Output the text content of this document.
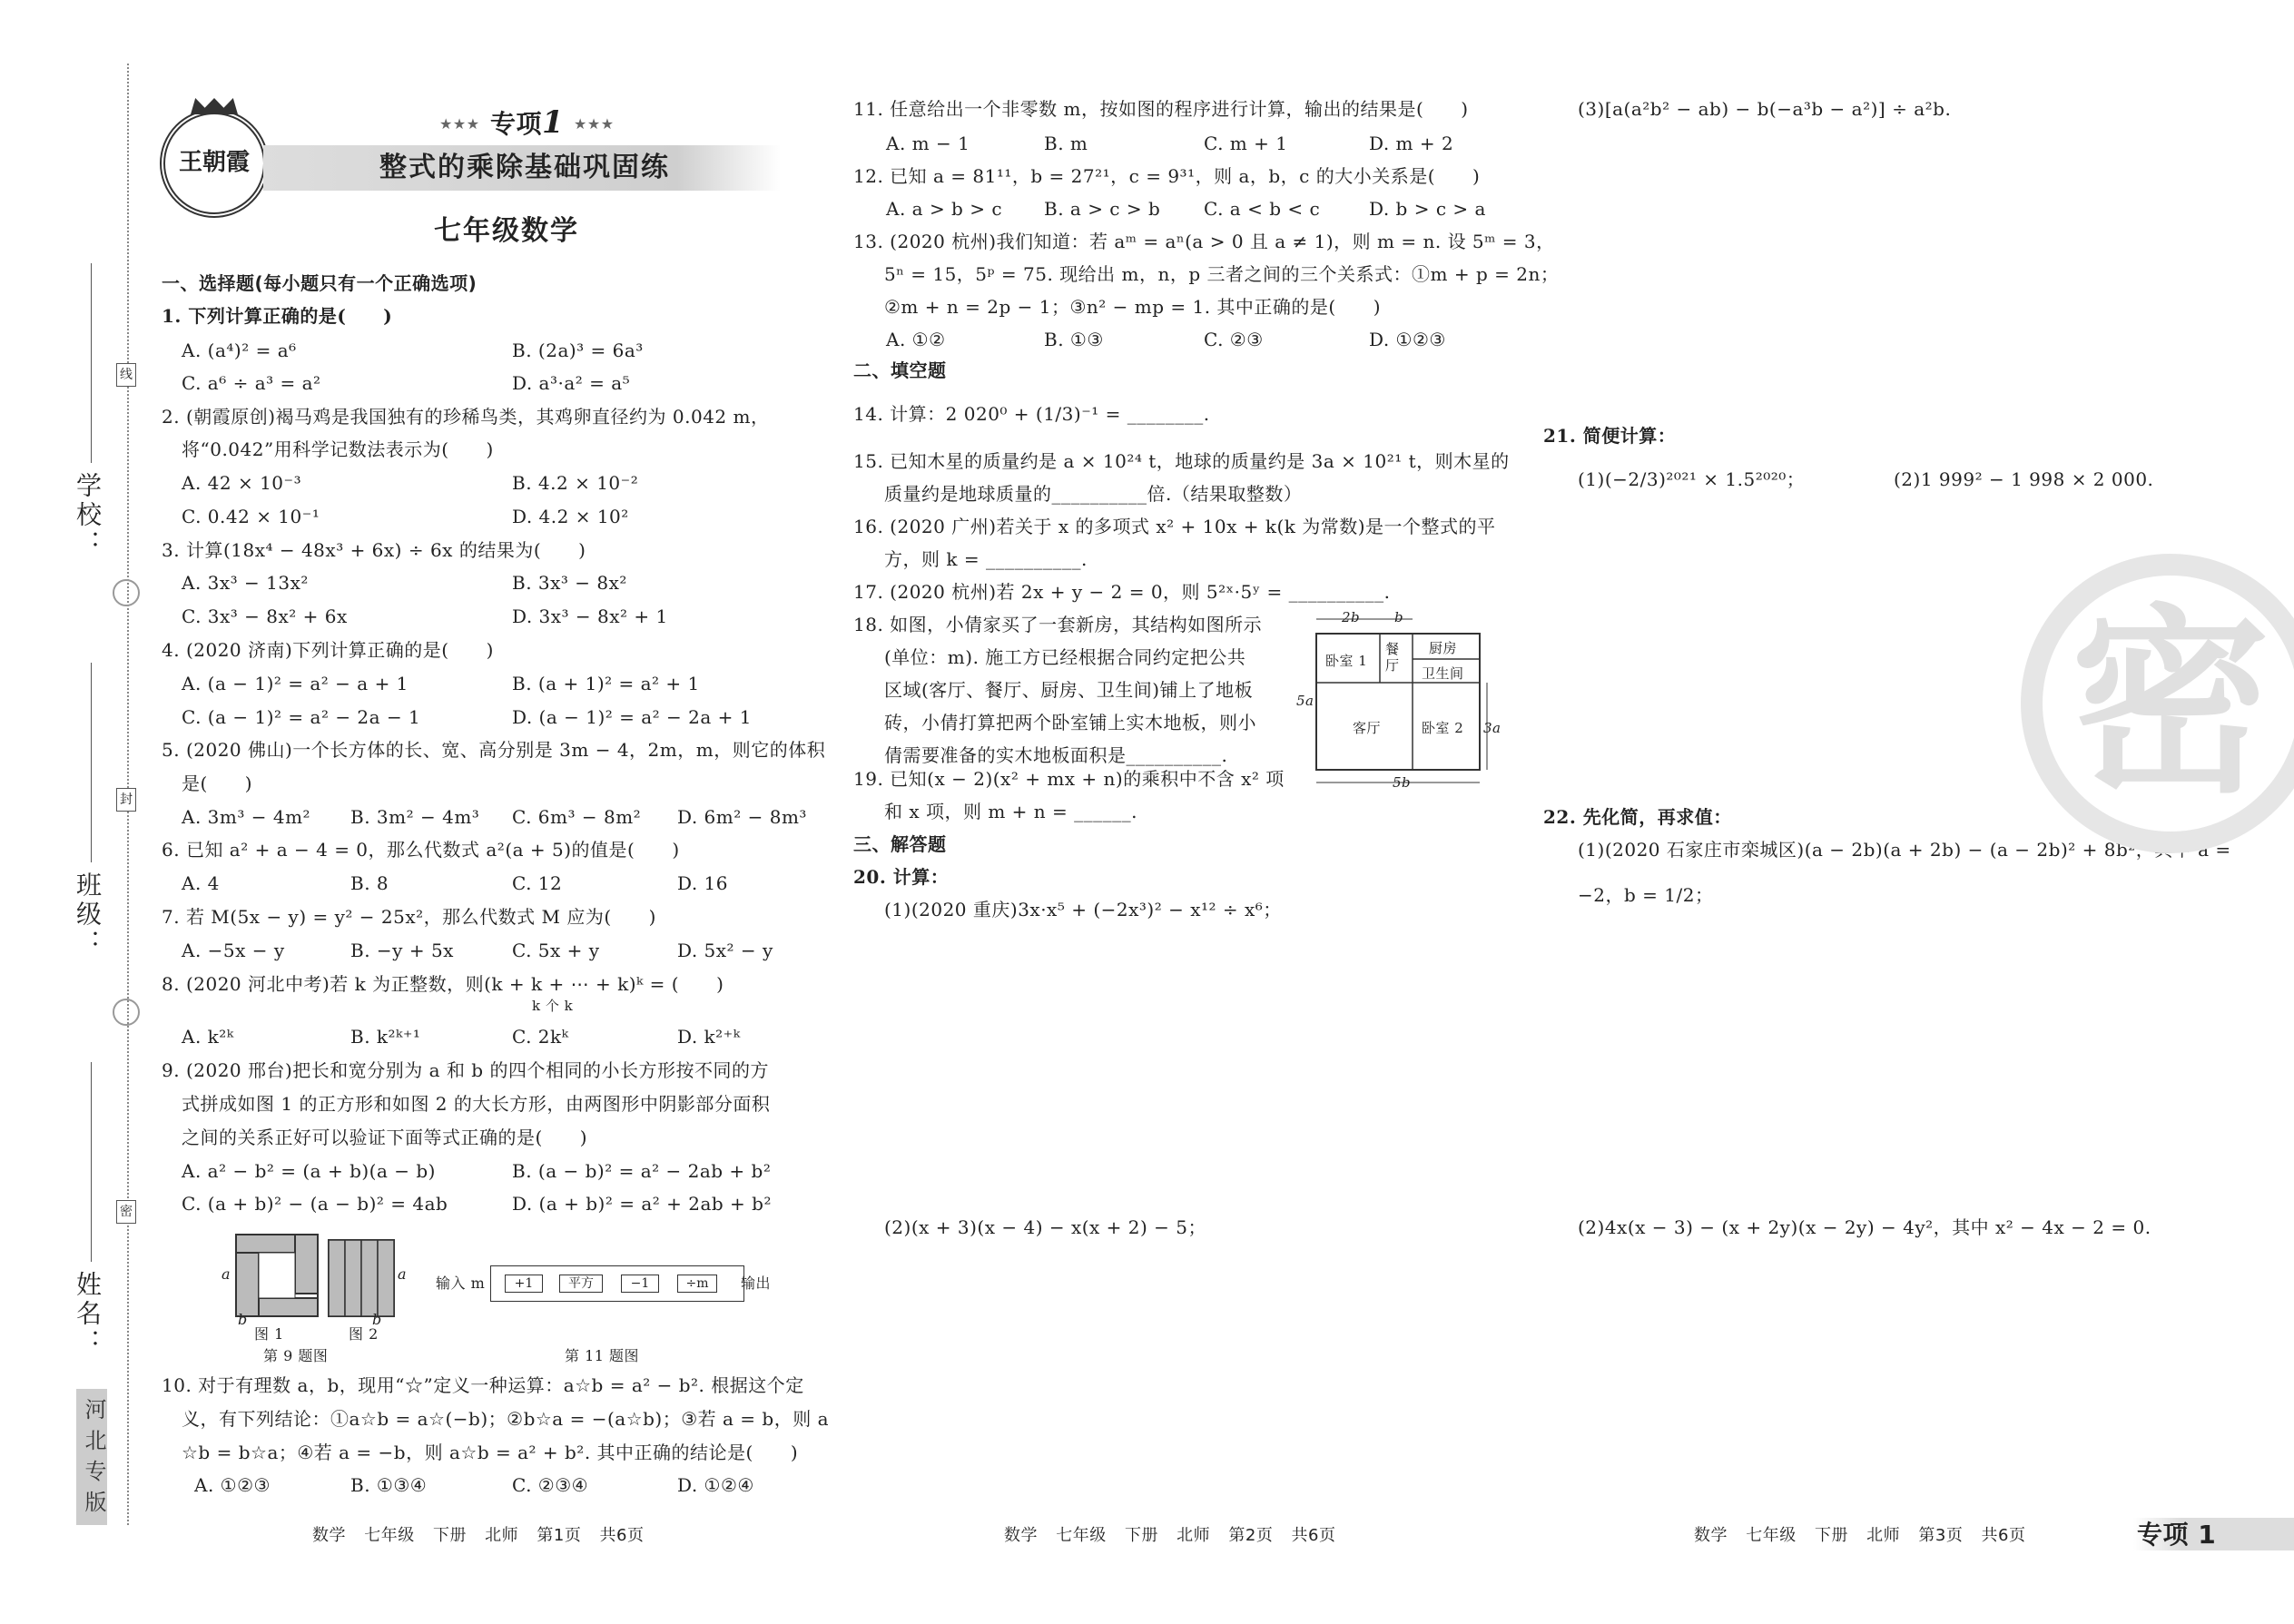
学校：
班级：
姓名：
线
封
密
河北专版
王朝霞
★★★ 专项1 ★★★
整式的乘除基础巩固练
七年级数学
一、选择题(每小题只有一个正确选项)
1. 下列计算正确的是(　　)
A. (a⁴)² = a⁶	B. (2a)³ = 6a³
C. a⁶ ÷ a³ = a²	D. a³·a² = a⁵
2. (朝霞原创)褐马鸡是我国独有的珍稀鸟类，其鸡卵直径约为 0.042 m，
将“0.042”用科学记数法表示为(　　)
A. 42 × 10⁻³	B. 4.2 × 10⁻²
C. 0.42 × 10⁻¹	D. 4.2 × 10²
3. 计算(18x⁴ − 48x³ + 6x) ÷ 6x 的结果为(　　)
A. 3x³ − 13x²	B. 3x³ − 8x²
C. 3x³ − 8x² + 6x	D. 3x³ − 8x² + 1
4. (2020 济南)下列计算正确的是(　　)
A. (a − 1)² = a² − a + 1	B. (a + 1)² = a² + 1
C. (a − 1)² = a² − 2a − 1	D. (a − 1)² = a² − 2a + 1
5. (2020 佛山)一个长方体的长、宽、高分别是 3m − 4，2m，m，则它的体积
是(　　)
A. 3m³ − 4m² B. 3m² − 4m³ C. 6m³ − 8m² D. 6m² − 8m³
6. 已知 a² + a − 4 = 0，那么代数式 a²(a + 5)的值是(　　)
A. 4	B. 8	C. 12	D. 16
7. 若 M(5x − y) = y² − 25x²，那么代数式 M 应为(　　)
A. −5x − y	B. −y + 5x	C. 5x + y	D. 5x² − y
8. (2020 河北中考)若 k 为正整数，则(k + k + ⋯ + k)ᵏ = (　　)
k 个 k
A. k²ᵏ	B. k²ᵏ⁺¹	C. 2kᵏ	D. k²⁺ᵏ
9. (2020 邢台)把长和宽分别为 a 和 b 的四个相同的小长方形按不同的方
式拼成如图 1 的正方形和如图 2 的大长方形，由两图形中阴影部分面积
之间的关系正好可以验证下面等式正确的是(　　)
A. a² − b² = (a + b)(a − b)	B. (a − b)² = a² − 2ab + b²
C. (a + b)² − (a − b)² = 4ab	D. (a + b)² = a² + 2ab + b²
a
b
a
b
图 1	图 2
第 9 题图
输入 m	+1	平方	−1	÷m	输出
第 11 题图
10. 对于有理数 a，b，现用“☆”定义一种运算：a☆b = a² − b². 根据这个定
义，有下列结论：①a☆b = a☆(−b)；②b☆a = −(a☆b)；③若 a = b，则 a
☆b = b☆a；④若 a = −b，则 a☆b = a² + b². 其中正确的结论是(　　)
A. ①②③	B. ①③④	C. ②③④	D. ①②④
11. 任意给出一个非零数 m，按如图的程序进行计算，输出的结果是(　　)
A. m − 1	B. m	C. m + 1	D. m + 2
12. 已知 a = 81¹¹，b = 27²¹，c = 9³¹，则 a，b，c 的大小关系是(　　)
A. a > b > c B. a > c > b C. a < b < c	D. b > c > a
13. (2020 杭州)我们知道：若 aᵐ = aⁿ(a > 0 且 a ≠ 1)，则 m = n. 设 5ᵐ = 3，
5ⁿ = 15，5ᵖ = 75. 现给出 m，n，p 三者之间的三个关系式：①m + p = 2n；
②m + n = 2p − 1；③n² − mp = 1. 其中正确的是(　　)
A. ①②	B. ①③	C. ②③	D. ①②③
二、填空题
14. 计算：2 020⁰ + (1/3)⁻¹ = ________.
15. 已知木星的质量约是 a × 10²⁴ t，地球的质量约是 3a × 10²¹ t，则木星的
质量约是地球质量的__________倍.（结果取整数）
16. (2020 广州)若关于 x 的多项式 x² + 10x + k(k 为常数)是一个整式的平
方，则 k = __________.
17. (2020 杭州)若 2x + y − 2 = 0，则 5²ˣ·5ʸ = __________.
18. 如图，小倩家买了一套新房，其结构如图所示
(单位：m). 施工方已经根据合同约定把公共
区域(客厅、餐厅、厨房、卫生间)铺上了地板
砖，小倩打算把两个卧室铺上实木地板，则小
倩需要准备的实木地板面积是__________.
2b	b
5a
3a
5b
卧室 1
餐厅
厨房
卫生间
客厅	卧室 2
19. 已知(x − 2)(x² + mx + n)的乘积中不含 x² 项
和 x 项，则 m + n = ______.
三、解答题
20. 计算：
(1)(2020 重庆)3x·x⁵ + (−2x³)² − x¹² ÷ x⁶；
(2)(x + 3)(x − 4) − x(x + 2) − 5；
(3)[a(a²b² − ab) − b(−a³b − a²)] ÷ a²b.
21. 简便计算：
(1)(−2/3)²⁰²¹ × 1.5²⁰²⁰；	(2)1 999² − 1 998 × 2 000.
22. 先化简，再求值：
(1)(2020 石家庄市栾城区)(a − 2b)(a + 2b) − (a − 2b)² + 8b²，其中 a =
−2，b = 1/2；
(2)4x(x − 3) − (x + 2y)(x − 2y) − 4y²，其中 x² − 4x − 2 = 0.
密
数学 七年级 下册 北师 第1页 共6页	数学 七年级 下册 北师 第2页 共6页	数学 七年级 下册 北师 第3页 共6页	专项 1
